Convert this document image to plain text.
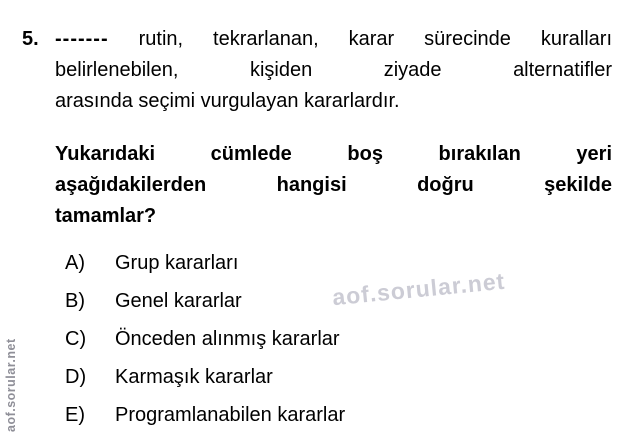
aof.sorular.net
aof.sorular.net
5. ------- rutin, tekrarlanan, karar sürecinde kuralları
belirlenebilen, kişiden ziyade alternatifler
arasında seçimi vurgulayan kararlardır.
Yukarıdaki cümlede boş bırakılan yeri
aşağıdakilerden hangisi doğru şekilde
tamamlar?
A)	Grup kararları
B)	Genel kararlar
C)	Önceden alınmış kararlar
D)	Karmaşık kararlar
E)	Programlanabilen kararlar
